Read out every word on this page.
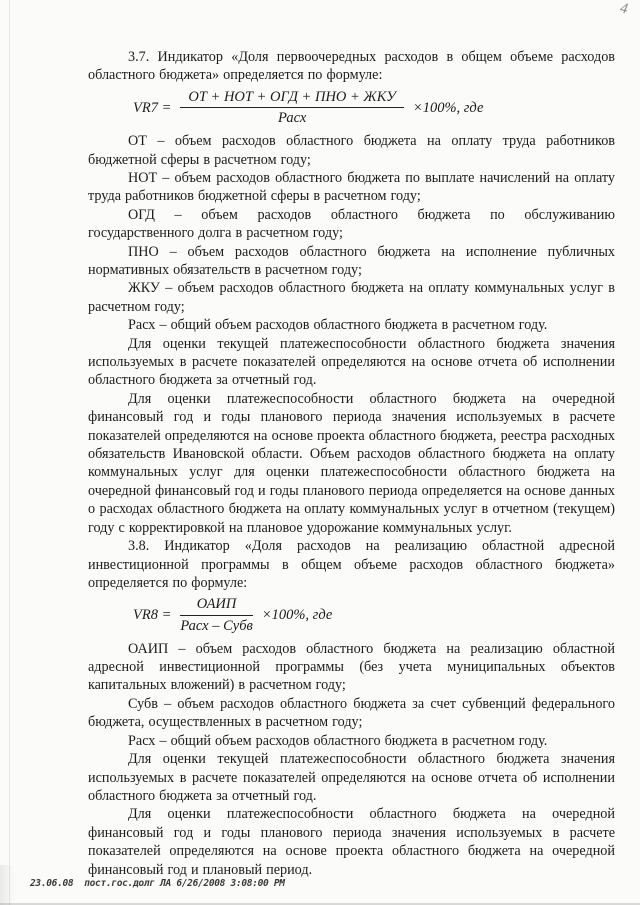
4

3.7. Индикатор «Доля первоочередных расходов в общем объеме расходов областного бюджета» определяется по формуле:

$VR7 = \frac{\text{ОТ + НОТ + ОГД + ПНО + ЖКУ}}{\text{Расх}} \times 100\%$, где

ОТ – объем расходов областного бюджета на оплату труда работников бюджетной сферы в расчетном году;

НОТ – объем расходов областного бюджета по выплате начислений на оплату труда работников бюджетной сферы в расчетном году;

ОГД – объем расходов областного бюджета по обслуживанию государственного долга в расчетном году;

ПНО – объем расходов областного бюджета на исполнение публичных нормативных обязательств в расчетном году;

ЖКУ – объем расходов областного бюджета на оплату коммунальных услуг в расчетном году;

Расх – общий объем расходов областного бюджета в расчетном году.

Для оценки текущей платежеспособности областного бюджета значения используемых в расчете показателей определяются на основе отчета об исполнении областного бюджета за отчетный год.

Для оценки платежеспособности областного бюджета на очередной финансовый год и годы планового периода значения используемых в расчете показателей определяются на основе проекта областного бюджета, реестра расходных обязательств Ивановской области. Объем расходов областного бюджета на оплату коммунальных услуг для оценки платежеспособности областного бюджета на очередной финансовый год и годы планового периода определяется на основе данных о расходах областного бюджета на оплату коммунальных услуг в отчетном (текущем) году с корректировкой на плановое удорожание коммунальных услуг.

3.8. Индикатор «Доля расходов на реализацию областной адресной инвестиционной программы в общем объеме расходов областного бюджета» определяется по формуле:

$VR8 = \frac{\text{ОАИП}}{\text{Расх – Субв}} \times 100\%$, где

ОАИП – объем расходов областного бюджета на реализацию областной адресной инвестиционной программы (без учета муниципальных объектов капитальных вложений) в расчетном году;

Субв – объем расходов областного бюджета за счет субвенций федерального бюджета, осуществленных в расчетном году;

Расх – общий объем расходов областного бюджета в расчетном году.

Для оценки текущей платежеспособности областного бюджета значения используемых в расчете показателей определяются на основе отчета об исполнении областного бюджета за отчетный год.

Для оценки платежеспособности областного бюджета на очередной финансовый год и годы планового периода значения используемых в расчете показателей определяются на основе проекта областного бюджета на очередной финансовый год и плановый период.

23.06.08  пост.гос.долг ЛА 6/26/2008 3:08:00 PM
